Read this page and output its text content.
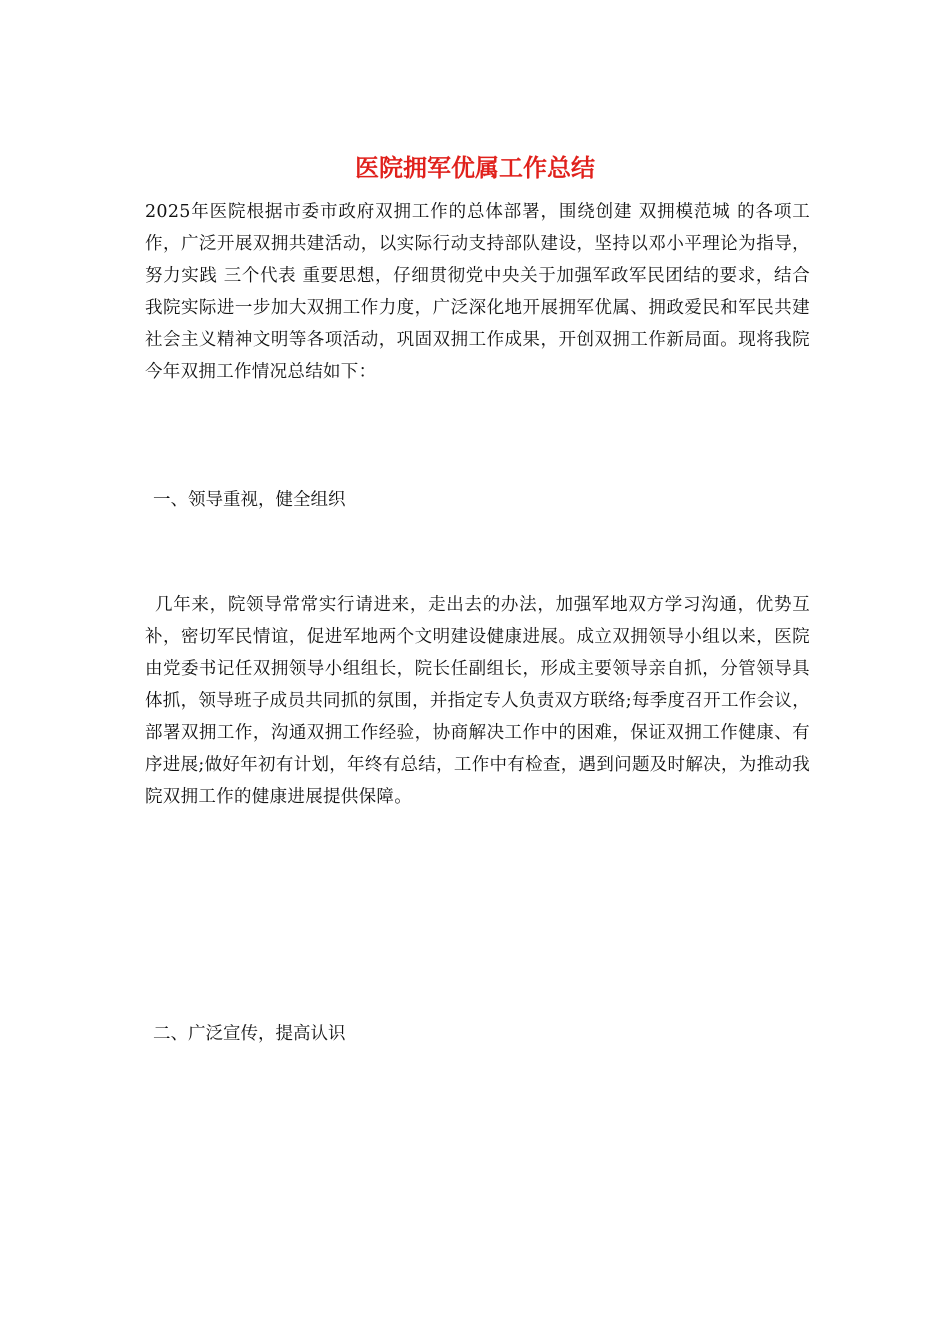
医院拥军优属工作总结

2025年医院根据市委市政府双拥工作的总体部署，围绕创建 双拥模范城 的各项工作，广泛开展双拥共建活动，以实际行动支持部队建设，坚持以邓小平理论为指导，努力实践 三个代表 重要思想，仔细贯彻党中央关于加强军政军民团结的要求，结合我院实际进一步加大双拥工作力度，广泛深化地开展拥军优属、拥政爱民和军民共建社会主义精神文明等各项活动，巩固双拥工作成果，开创双拥工作新局面。现将我院今年双拥工作情况总结如下：

一、领导重视，健全组织

几年来，院领导常常实行请进来，走出去的办法，加强军地双方学习沟通，优势互补，密切军民情谊，促进军地两个文明建设健康进展。成立双拥领导小组以来，医院由党委书记任双拥领导小组组长，院长任副组长，形成主要领导亲自抓，分管领导具体抓，领导班子成员共同抓的氛围，并指定专人负责双方联络;每季度召开工作会议，部署双拥工作，沟通双拥工作经验，协商解决工作中的困难，保证双拥工作健康、有序进展;做好年初有计划，年终有总结，工作中有检查，遇到问题及时解决，为推动我院双拥工作的健康进展提供保障。

二、广泛宣传，提高认识
